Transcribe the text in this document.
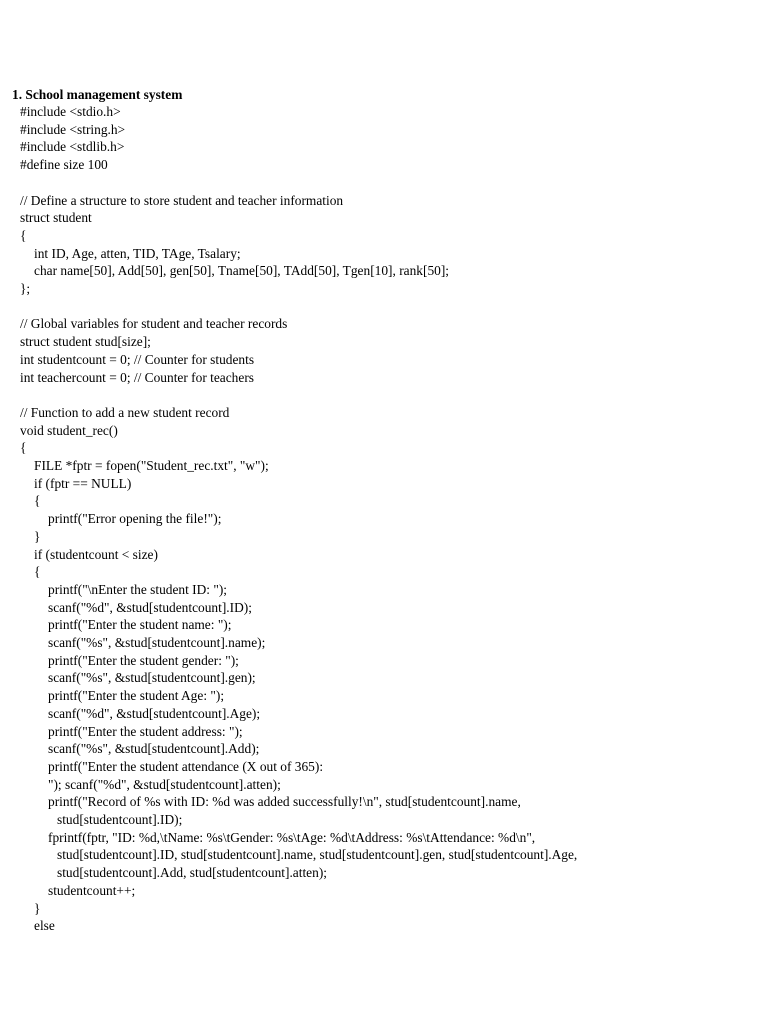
1. School management system
#include <stdio.h>
#include <string.h>
#include <stdlib.h>
#define size 100
// Define a structure to store student and teacher information
struct student
{
int ID, Age, atten, TID, TAge, Tsalary;
char name[50], Add[50], gen[50], Tname[50], TAdd[50], Tgen[10], rank[50];
};
// Global variables for student and teacher records
struct student stud[size];
int studentcount = 0; // Counter for students
int teachercount = 0; // Counter for teachers
// Function to add a new student record
void student_rec()
{
FILE *fptr = fopen("Student_rec.txt", "w");
if (fptr == NULL)
{
printf("Error opening the file!");
}
if (studentcount < size)
{
printf("\nEnter the student ID: ");
scanf("%d", &stud[studentcount].ID);
printf("Enter the student name: ");
scanf("%s", &stud[studentcount].name);
printf("Enter the student gender: ");
scanf("%s", &stud[studentcount].gen);
printf("Enter the student Age: ");
scanf("%d", &stud[studentcount].Age);
printf("Enter the student address: ");
scanf("%s", &stud[studentcount].Add);
printf("Enter the student attendance (X out of 365):
"); scanf("%d", &stud[studentcount].atten);
printf("Record of %s with ID: %d was added successfully!\n", stud[studentcount].name,
stud[studentcount].ID);
fprintf(fptr, "ID: %d,\tName: %s\tGender: %s\tAge: %d\tAddress: %s\tAttendance: %d\n",
stud[studentcount].ID, stud[studentcount].name, stud[studentcount].gen, stud[studentcount].Age,
stud[studentcount].Add, stud[studentcount].atten);
studentcount++;
}
else
